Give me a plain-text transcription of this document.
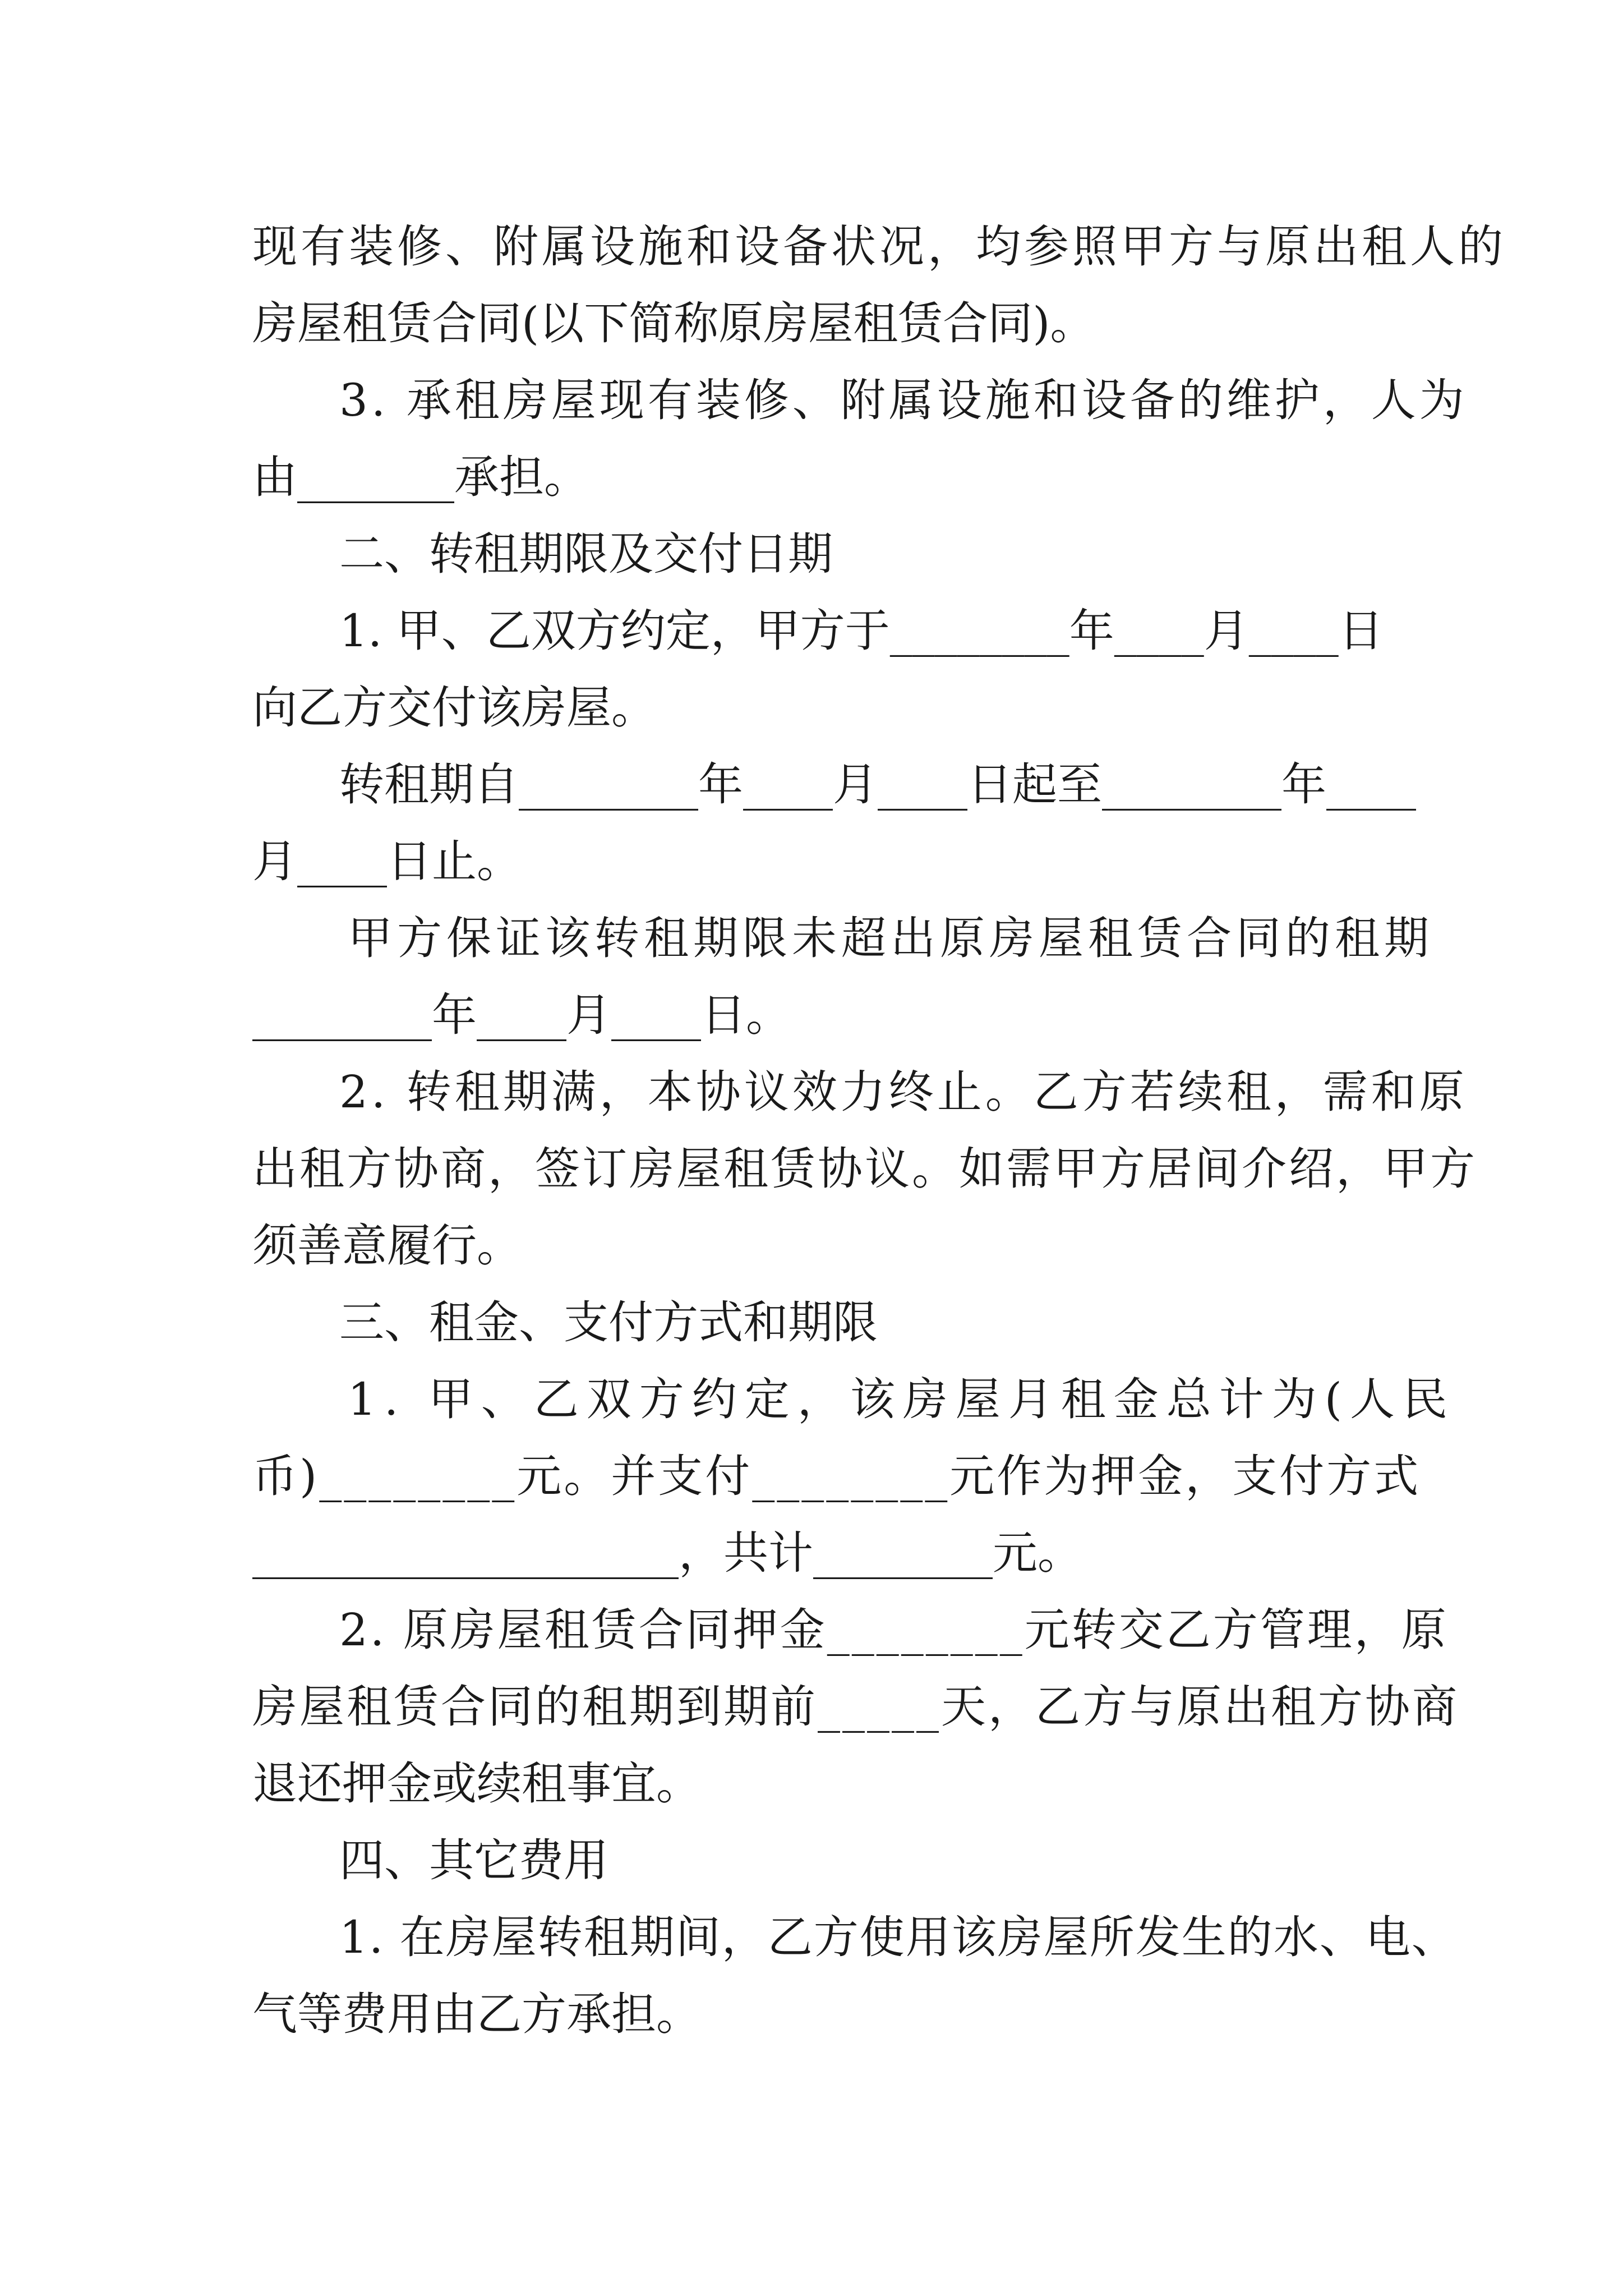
现有装修、附属设施和设备状况，均参照甲方与原出租人的
房屋租赁合同(以下简称原房屋租赁合同)。
3. 承租房屋现有装修、附属设施和设备的维护，人为
由_______承担。
二、转租期限及交付日期
1. 甲、乙双方约定，甲方于________年____月____日
向乙方交付该房屋。
转租期自________年____月____日起至________年____
月____日止。
甲方保证该转租期限未超出原房屋租赁合同的租期
________年____月____日。
2. 转租期满，本协议效力终止。乙方若续租，需和原
出租方协商，签订房屋租赁协议。如需甲方居间介绍，甲方
须善意履行。
三、租金、支付方式和期限
1. 甲、乙双方约定，该房屋月租金总计为(人民
币)________元。并支付________元作为押金，支付方式
___________________，共计________元。
2. 原房屋租赁合同押金________元转交乙方管理，原
房屋租赁合同的租期到期前_____天，乙方与原出租方协商
退还押金或续租事宜。
四、其它费用
1. 在房屋转租期间，乙方使用该房屋所发生的水、电、
气等费用由乙方承担。
